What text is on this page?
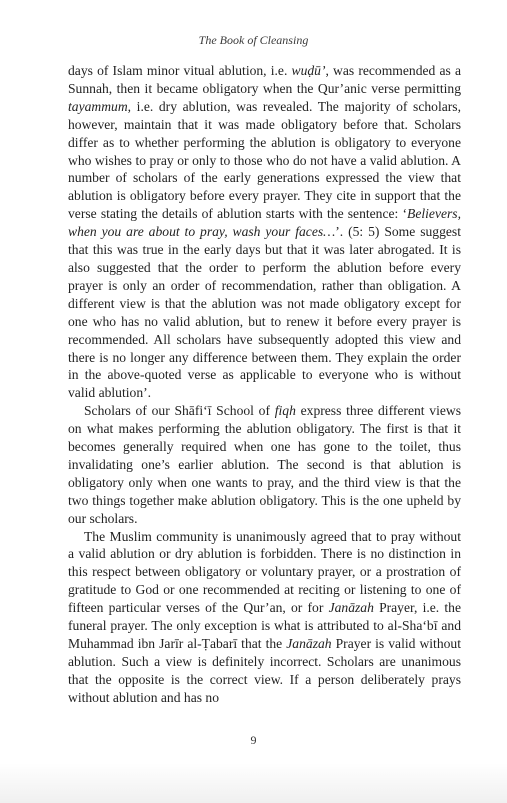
The Book of Cleansing

days of Islam minor vitual ablution, i.e. wuḍū’, was recommended as a Sunnah, then it became obligatory when the Qur’anic verse permitting tayammum, i.e. dry ablution, was revealed. The majority of scholars, however, maintain that it was made obligatory before that. Scholars differ as to whether performing the ablution is obligatory to everyone who wishes to pray or only to those who do not have a valid ablution. A number of scholars of the early generations expressed the view that ablution is obligatory before every prayer. They cite in support that the verse stating the details of ablution starts with the sentence: ‘Believers, when you are about to pray, wash your faces…’. (5: 5) Some suggest that this was true in the early days but that it was later abrogated. It is also suggested that the order to perform the ablution before every prayer is only an order of recommendation, rather than obligation. A different view is that the ablution was not made obligatory except for one who has no valid ablution, but to renew it before every prayer is recommended. All scholars have subsequently adopted this view and there is no longer any difference between them. They explain the order in the above-quoted verse as applicable to everyone who is without valid ablution’.

Scholars of our Shāfi‘ī School of fiqh express three different views on what makes performing the ablution obligatory. The first is that it becomes generally required when one has gone to the toilet, thus invalidating one’s earlier ablution. The second is that ablution is obligatory only when one wants to pray, and the third view is that the two things together make ablution obligatory. This is the one upheld by our scholars.

The Muslim community is unanimously agreed that to pray without a valid ablution or dry ablution is forbidden. There is no distinction in this respect between obligatory or voluntary prayer, or a prostration of gratitude to God or one recommended at reciting or listening to one of fifteen particular verses of the Qur’an, or for Janāzah Prayer, i.e. the funeral prayer. The only exception is what is attributed to al-Sha‘bī and Muhammad ibn Jarīr al-Ṭabarī that the Janāzah Prayer is valid without ablution. Such a view is definitely incorrect. Scholars are unanimous that the opposite is the correct view. If a person deliberately prays without ablution and has no

9
